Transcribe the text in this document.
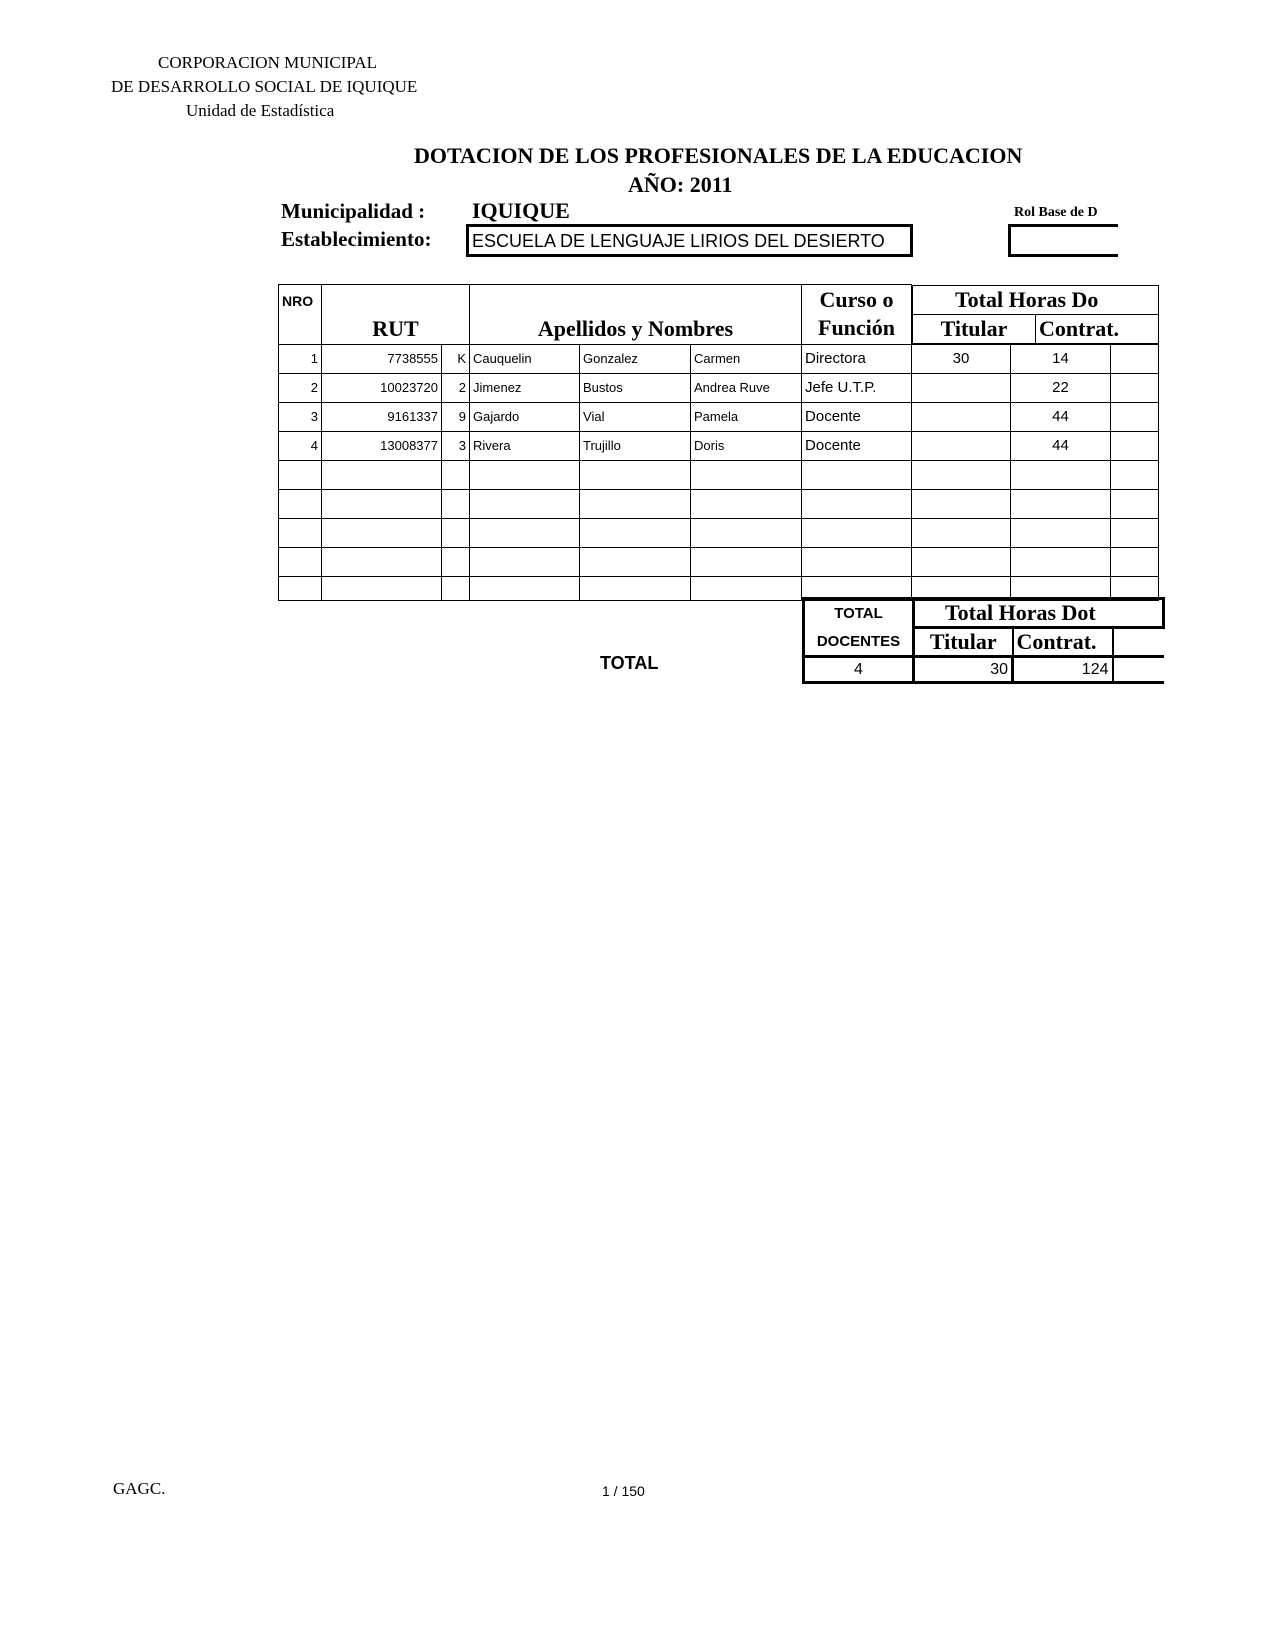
CORPORACION MUNICIPAL
DE DESARROLLO SOCIAL DE IQUIQUE
Unidad de Estadística
DOTACION DE LOS PROFESIONALES DE LA EDUCACION
AÑO: 2011
Municipalidad : IQUIQUE	Rol Base de D
Establecimiento: ESCUELA DE LENGUAJE LIRIOS DEL DESIERTO
NRO	RUT	Apellidos y Nombres	
Curso o
Función

Total Horas Do
Titular	Contrat.

1	7738555	K	Cauquelin	Gonzalez	Carmen	Directora	30	14	
2	10023720	2	Jimenez	Bustos	Andrea Ruve	Jefe U.T.P.		22	
3	9161337	9	Gajardo	Vial	Pamela	Docente		44	
4	13008377	3	Rivera	Trujillo	Doris	Docente		44	

TOTAL
TOTAL	Total Horas Dot		
DOCENTES	Titular	Contrat.	
4	30	124	
GAGC.	1 / 150
